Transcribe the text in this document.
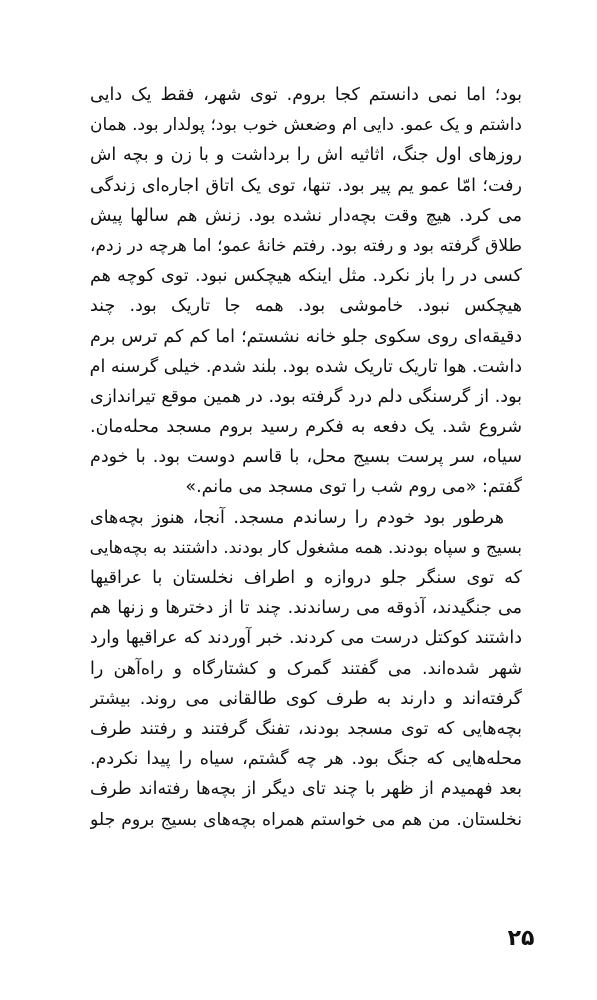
بود؛ اما نمی دانستم کجا بروم. توی شهر، فقط یک دایی
داشتم و یک عمو. دایی ام وضعش خوب بود؛ پولدار بود. همان
روزهای اول جنگ، اثاثیه اش را برداشت و با زن و بچه اش
رفت؛ امّا عمو یم پیر بود. تنها، توی یک اتاق اجاره‌ای زندگی
می کرد. هیچ وقت بچه‌دار نشده بود. زنش هم سالها پیش
طلاق گرفته بود و رفته بود. رفتم خانهٔ عمو؛ اما هرچه در زدم،
کسی در را باز نکرد. مثل اینکه هیچکس نبود. توی کوچه هم
هیچکس نبود. خاموشی بود. همه جا تاریک بود. چند
دقیقه‌ای روی سکوی جلو خانه نشستم؛ اما کم کم ترس برم
داشت. هوا تاریک تاریک شده بود. بلند شدم. خیلی گرسنه ام
بود. از گرسنگی دلم درد گرفته بود. در همین موقع تیراندازی
شروع شد. یک دفعه به فکرم رسید بروم مسجد محله‌مان.
سیاه، سر پرست بسیج محل، با قاسم دوست بود. با خودم
گفتم: «می روم شب را توی مسجد می مانم.»
هرطور بود خودم را رساندم مسجد. آنجا، هنوز بچه‌های
بسیج و سپاه بودند. همه مشغول کار بودند. داشتند به بچه‌هایی
که توی سنگر جلو دروازه و اطراف نخلستان با عراقیها
می جنگیدند، آذوقه می رساندند. چند تا از دخترها و زنها هم
داشتند کوکتل درست می کردند. خبر آوردند که عراقیها وارد
شهر شده‌اند. می گفتند گمرک و کشتارگاه و راه‌آهن را
گرفته‌اند و دارند به طرف کوی طالقانی می روند. بیشتر
بچه‌هایی که توی مسجد بودند، تفنگ گرفتند و رفتند طرف
محله‌هایی که جنگ بود. هر چه گشتم، سیاه را پیدا نکردم.
بعد فهمیدم از ظهر با چند تای دیگر از بچه‌ها رفته‌اند طرف
نخلستان. من هم می خواستم همراه بچه‌های بسیج بروم جلو
۲۵
